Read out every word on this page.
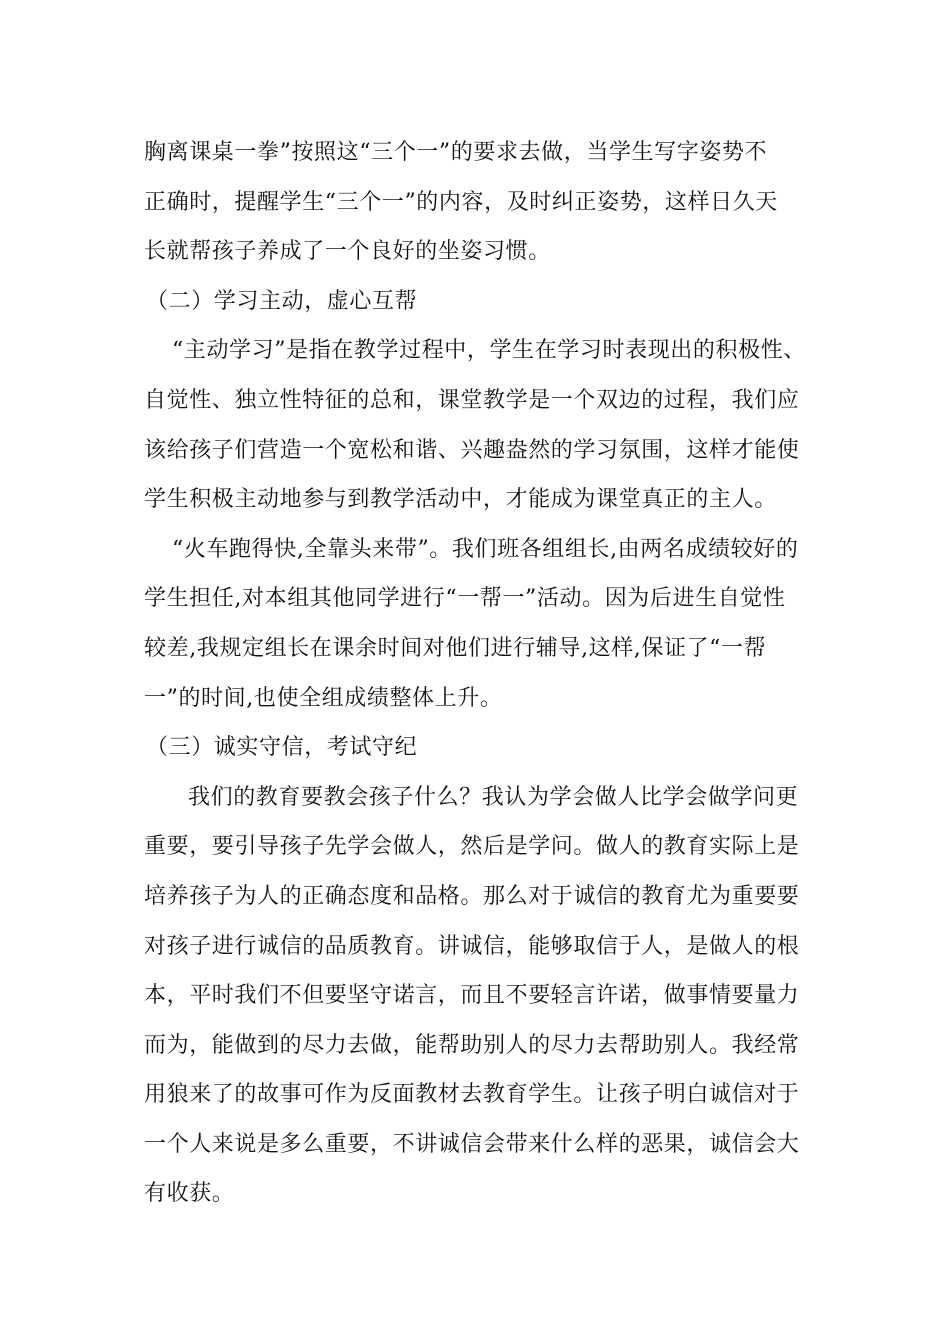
胸离课桌一拳”按照这“三个一”的要求去做，当学生写字姿势不
正确时，提醒学生“三个一”的内容，及时纠正姿势，这样日久天
长就帮孩子养成了一个良好的坐姿习惯。
（二）学习主动，虚心互帮
“主动学习”是指在教学过程中，学生在学习时表现出的积极性、
自觉性、独立性特征的总和，课堂教学是一个双边的过程，我们应
该给孩子们营造一个宽松和谐、兴趣盎然的学习氛围，这样才能使
学生积极主动地参与到教学活动中，才能成为课堂真正的主人。
“火车跑得快,全靠头来带”。我们班各组组长,由两名成绩较好的
学生担任,对本组其他同学进行“一帮一”活动。因为后进生自觉性
较差,我规定组长在课余时间对他们进行辅导,这样,保证了“一帮
一”的时间,也使全组成绩整体上升。
（三）诚实守信，考试守纪
我们的教育要教会孩子什么？我认为学会做人比学会做学问更
重要，要引导孩子先学会做人，然后是学问。做人的教育实际上是
培养孩子为人的正确态度和品格。那么对于诚信的教育尤为重要要
对孩子进行诚信的品质教育。讲诚信，能够取信于人，是做人的根
本，平时我们不但要坚守诺言，而且不要轻言许诺，做事情要量力
而为，能做到的尽力去做，能帮助别人的尽力去帮助别人。我经常
用狼来了的故事可作为反面教材去教育学生。让孩子明白诚信对于
一个人来说是多么重要，不讲诚信会带来什么样的恶果，诚信会大
有收获。
